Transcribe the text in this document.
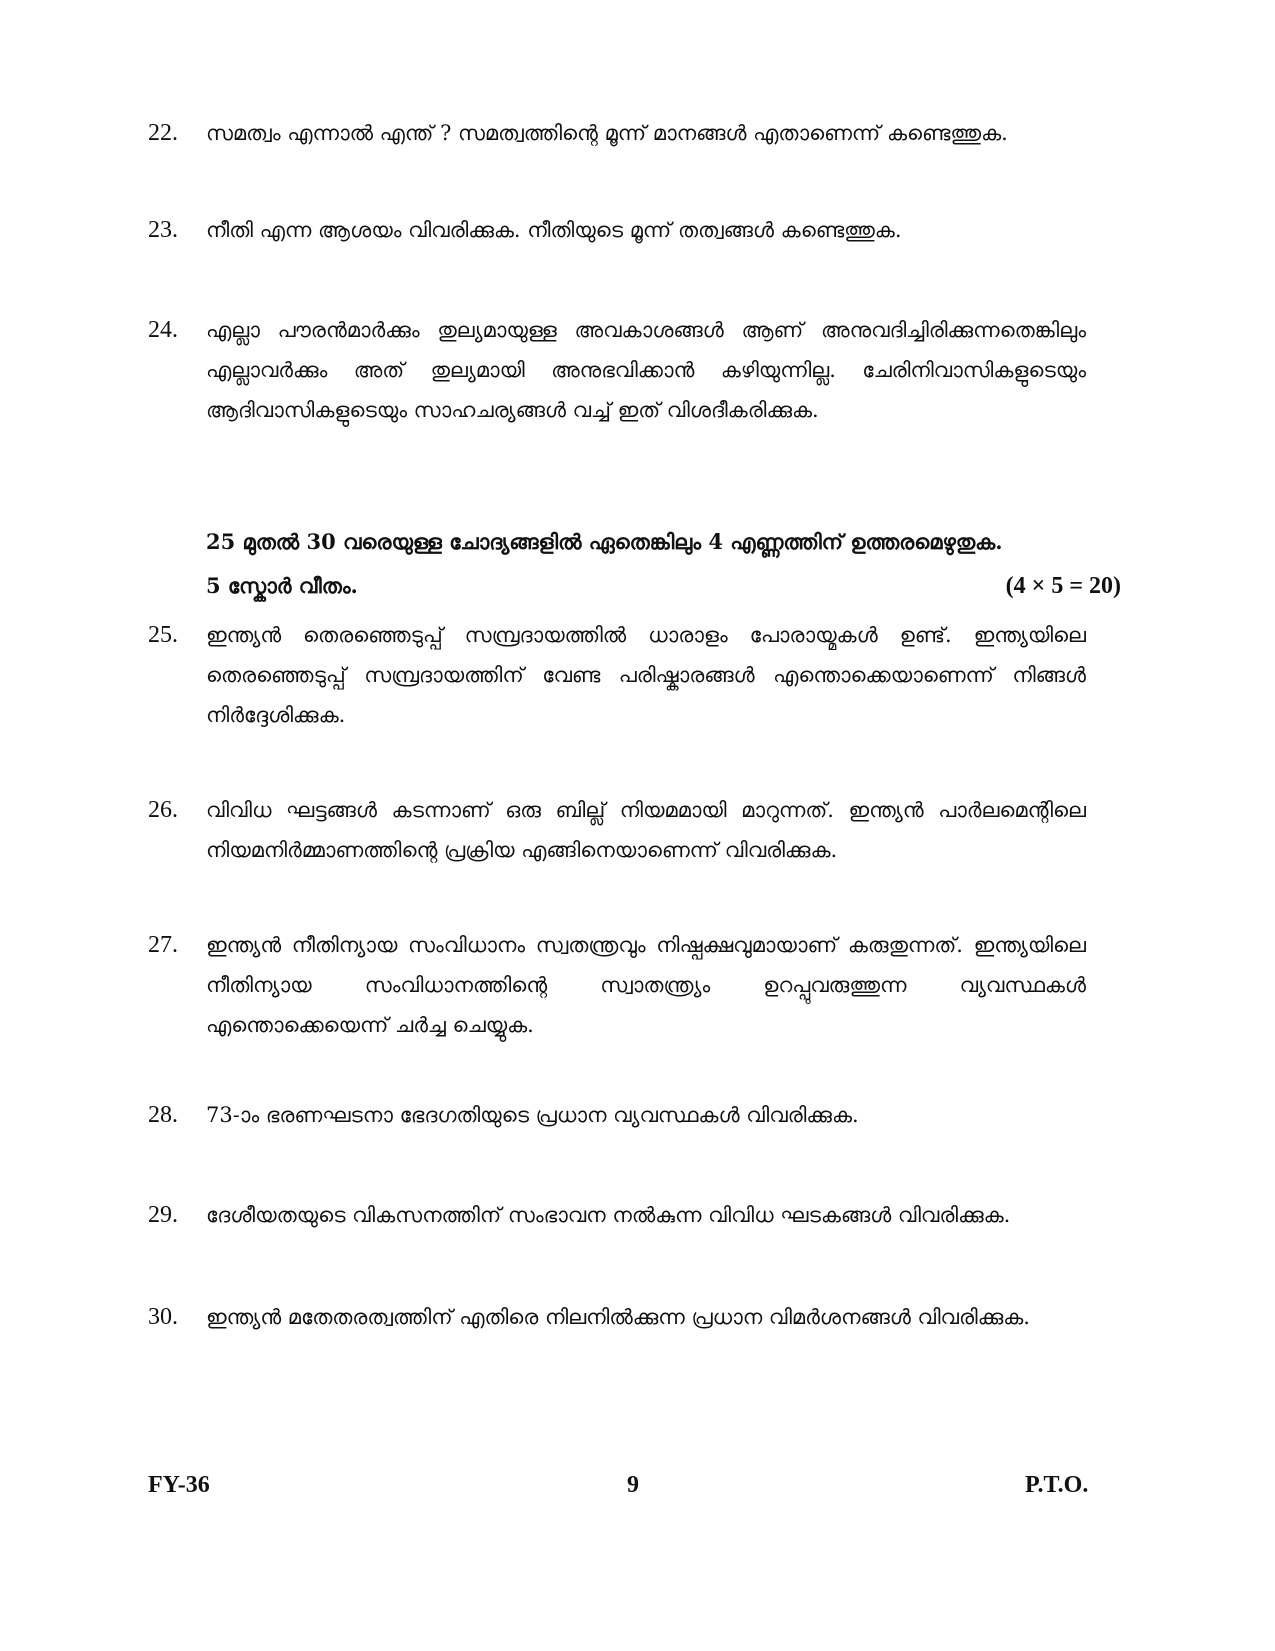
22.	സമത്വം എന്നാൽ എന്ത് ? സമത്വത്തിന്റെ മൂന്ന് മാനങ്ങൾ എതാണെന്ന് കണ്ടെത്തുക.
23.	നീതി എന്ന ആശയം വിവരിക്കുക. നീതിയുടെ മൂന്ന് തത്വങ്ങൾ കണ്ടെത്തുക.
24.	എല്ലാ പൗരൻമാർക്കും തുല്യമായുള്ള അവകാശങ്ങൾ ആണ് അനുവദിച്ചിരിക്കുന്നതെങ്കിലും എല്ലാവർക്കും അത് തുല്യമായി അനുഭവിക്കാൻ കഴിയുന്നില്ല. ചേരിനിവാസികളുടെയും ആദിവാസികളുടെയും സാഹചര്യങ്ങൾ വച്ച് ഇത് വിശദീകരിക്കുക.
25 മുതൽ 30 വരെയുള്ള ചോദ്യങ്ങളിൽ ഏതെങ്കിലും 4 എണ്ണത്തിന് ഉത്തരമെഴുതുക.
5 സ്കോർ വീതം.	(4 × 5 = 20)
25.	ഇന്ത്യൻ തെരഞ്ഞെടുപ്പ് സമ്പ്രദായത്തിൽ ധാരാളം പോരായ്മകൾ ഉണ്ട്. ഇന്ത്യയിലെ തെരഞ്ഞെടുപ്പ് സമ്പ്രദായത്തിന് വേണ്ട പരിഷ്കാരങ്ങൾ എന്തൊക്കെയാണെന്ന് നിങ്ങൾ നിർദ്ദേശിക്കുക.
26.	വിവിധ ഘട്ടങ്ങൾ കടന്നാണ് ഒരു ബില്ല് നിയമമായി മാറുന്നത്. ഇന്ത്യൻ പാർലമെന്റിലെ നിയമനിർമ്മാണത്തിന്റെ പ്രക്രിയ എങ്ങിനെയാണെന്ന് വിവരിക്കുക.
27.	ഇന്ത്യൻ നീതിന്യായ സംവിധാനം സ്വതന്ത്രവും നിഷ്പക്ഷവുമായാണ് കരുതുന്നത്. ഇന്ത്യയിലെ നീതിന്യായ സംവിധാനത്തിന്റെ സ്വാതന്ത്ര്യം ഉറപ്പുവരുത്തുന്ന വ്യവസ്ഥകൾ എന്തൊക്കെയെന്ന് ചർച്ച ചെയ്യുക.
28.	73-ാം ഭരണഘടനാ ഭേദഗതിയുടെ പ്രധാന വ്യവസ്ഥകൾ വിവരിക്കുക.
29.	ദേശീയതയുടെ വികസനത്തിന് സംഭാവന നൽകുന്ന വിവിധ ഘടകങ്ങൾ വിവരിക്കുക.
30.	ഇന്ത്യൻ മതേതരത്വത്തിന് എതിരെ നിലനിൽക്കുന്ന പ്രധാന വിമർശനങ്ങൾ വിവരിക്കുക.
FY-36	9	P.T.O.
